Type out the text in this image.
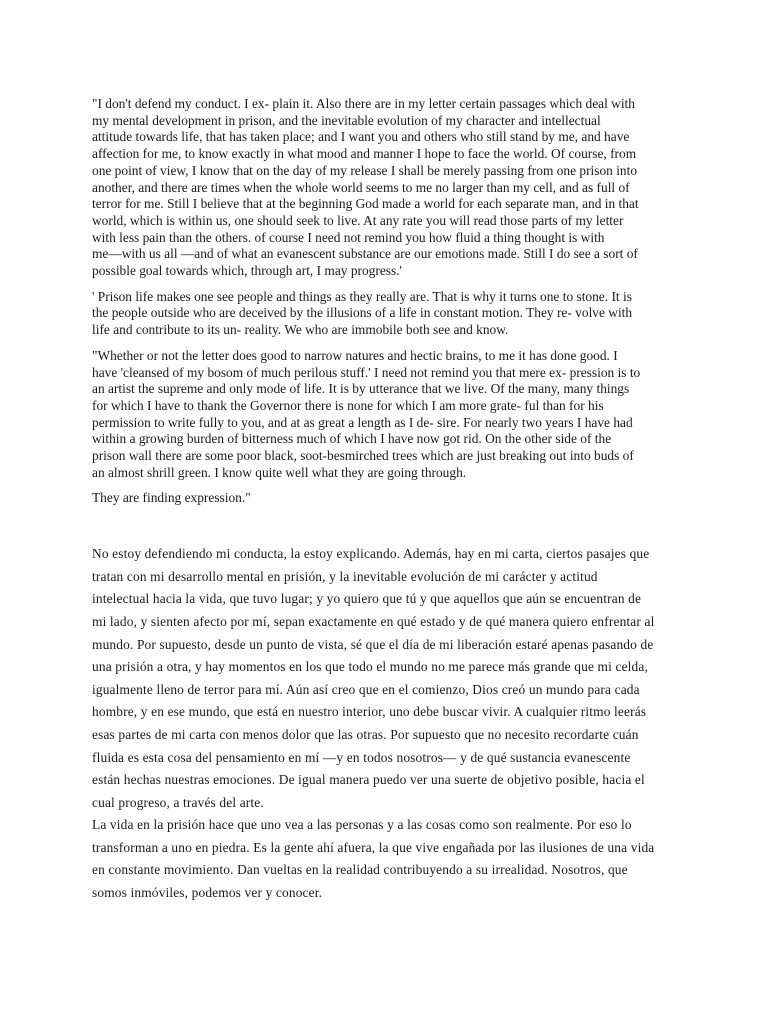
"I don't defend my conduct. I ex- plain it. Also there are in my letter certain passages which deal with
my mental development in prison, and the inevitable evolution of my character and intellectual
attitude towards life, that has taken place; and I want you and others who still stand by me, and have
affection for me, to know exactly in what mood and manner I hope to face the world. Of course, from
one point of view, I know that on the day of my release I shall be merely passing from one prison into
another, and there are times when the whole world seems to me no larger than my cell, and as full of
terror for me. Still I believe that at the beginning God made a world for each separate man, and in that
world, which is within us, one should seek to live. At any rate you will read those parts of my letter
with less pain than the others. of course I need not remind you how fluid a thing thought is with
me—with us all —and of what an evanescent substance are our emotions made. Still I do see a sort of
possible goal towards which, through art, I may progress.'

' Prison life makes one see people and things as they really are. That is why it turns one to stone. It is
the people outside who are deceived by the illusions of a life in constant motion. They re- volve with
life and contribute to its un- reality. We who are immobile both see and know.

"Whether or not the letter does good to narrow natures and hectic brains, to me it has done good. I
have 'cleansed of my bosom of much perilous stuff.' I need not remind you that mere ex- pression is to
an artist the supreme and only mode of life. It is by utterance that we live. Of the many, many things
for which I have to thank the Governor there is none for which I am more grate- ful than for his
permission to write fully to you, and at as great a length as I de- sire. For nearly two years I have had
within a growing burden of bitterness much of which I have now got rid. On the other side of the
prison wall there are some poor black, soot-besmirched trees which are just breaking out into buds of
an almost shrill green. I know quite well what they are going through.

They are finding expression."

No estoy defendiendo mi conducta, la estoy explicando. Además, hay en mi carta, ciertos pasajes que
tratan con mi desarrollo mental en prisión, y la inevitable evolución de mi carácter y actitud
intelectual hacia la vida, que tuvo lugar; y yo quiero que tú y que aquellos que aún se encuentran de
mi lado, y sienten afecto por mí, sepan exactamente en qué estado y de qué manera quiero enfrentar al
mundo. Por supuesto, desde un punto de vista, sé que el día de mi liberación estaré apenas pasando de
una prisión a otra, y hay momentos en los que todo el mundo no me parece más grande que mi celda,
igualmente lleno de terror para mí. Aún así creo que en el comienzo, Dios creó un mundo para cada
hombre, y en ese mundo, que está en nuestro interior, uno debe buscar vivir. A cualquier ritmo leerás
esas partes de mi carta con menos dolor que las otras. Por supuesto que no necesito recordarte cuán
fluida es esta cosa del pensamiento en mí —y en todos nosotros— y de qué sustancia evanescente
están hechas nuestras emociones. De igual manera puedo ver una suerte de objetivo posible, hacia el
cual progreso, a través del arte.

La vida en la prisión hace que uno vea a las personas y a las cosas como son realmente. Por eso lo
transforman a uno en piedra. Es la gente ahí afuera, la que vive engañada por las ilusiones de una vida
en constante movimiento. Dan vueltas en la realidad contribuyendo a su irrealidad. Nosotros, que
somos inmóviles, podemos ver y conocer.
